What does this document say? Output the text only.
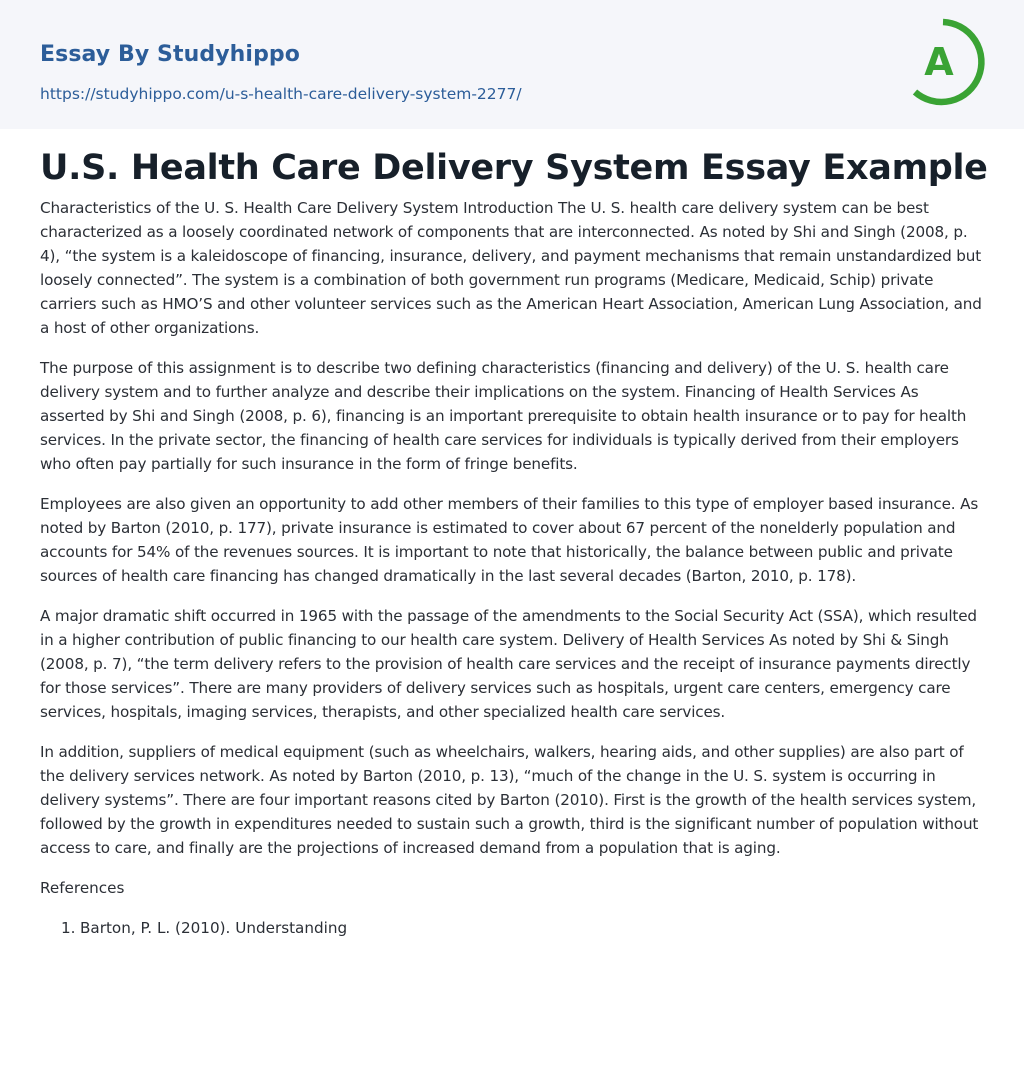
Essay By Studyhippo
https://studyhippo.com/u-s-health-care-delivery-system-2277/
A
U.S. Health Care Delivery System Essay Example

Characteristics of the U. S. Health Care Delivery System Introduction The U. S. health care delivery system can be best characterized as a loosely coordinated network of components that are interconnected. As noted by Shi and Singh (2008, p. 4), “the system is a kaleidoscope of financing, insurance, delivery, and payment mechanisms that remain unstandardized but loosely connected”. The system is a combination of both government run programs (Medicare, Medicaid, Schip) private carriers such as HMO’S and other volunteer services such as the American Heart Association, American Lung Association, and a host of other organizations.

The purpose of this assignment is to describe two defining characteristics (financing and delivery) of the U. S. health care delivery system and to further analyze and describe their implications on the system. Financing of Health Services As asserted by Shi and Singh (2008, p. 6), financing is an important prerequisite to obtain health insurance or to pay for health services. In the private sector, the financing of health care services for individuals is typically derived from their employers who often pay partially for such insurance in the form of fringe benefits.

Employees are also given an opportunity to add other members of their families to this type of employer based insurance. As noted by Barton (2010, p. 177), private insurance is estimated to cover about 67 percent of the nonelderly population and accounts for 54% of the revenues sources. It is important to note that historically, the balance between public and private sources of health care financing has changed dramatically in the last several decades (Barton, 2010, p. 178).

A major dramatic shift occurred in 1965 with the passage of the amendments to the Social Security Act (SSA), which resulted in a higher contribution of public financing to our health care system. Delivery of Health Services As noted by Shi & Singh (2008, p. 7), “the term delivery refers to the provision of health care services and the receipt of insurance payments directly for those services”. There are many providers of delivery services such as hospitals, urgent care centers, emergency care services, hospitals, imaging services, therapists, and other specialized health care services.

In addition, suppliers of medical equipment (such as wheelchairs, walkers, hearing aids, and other supplies) are also part of the delivery services network. As noted by Barton (2010, p. 13), “much of the change in the U. S. system is occurring in delivery systems”. There are four important reasons cited by Barton (2010). First is the growth of the health services system, followed by the growth in expenditures needed to sustain such a growth, third is the significant number of population without access to care, and finally are the projections of increased demand from a population that is aging.

References
1. Barton, P. L. (2010). Understanding
